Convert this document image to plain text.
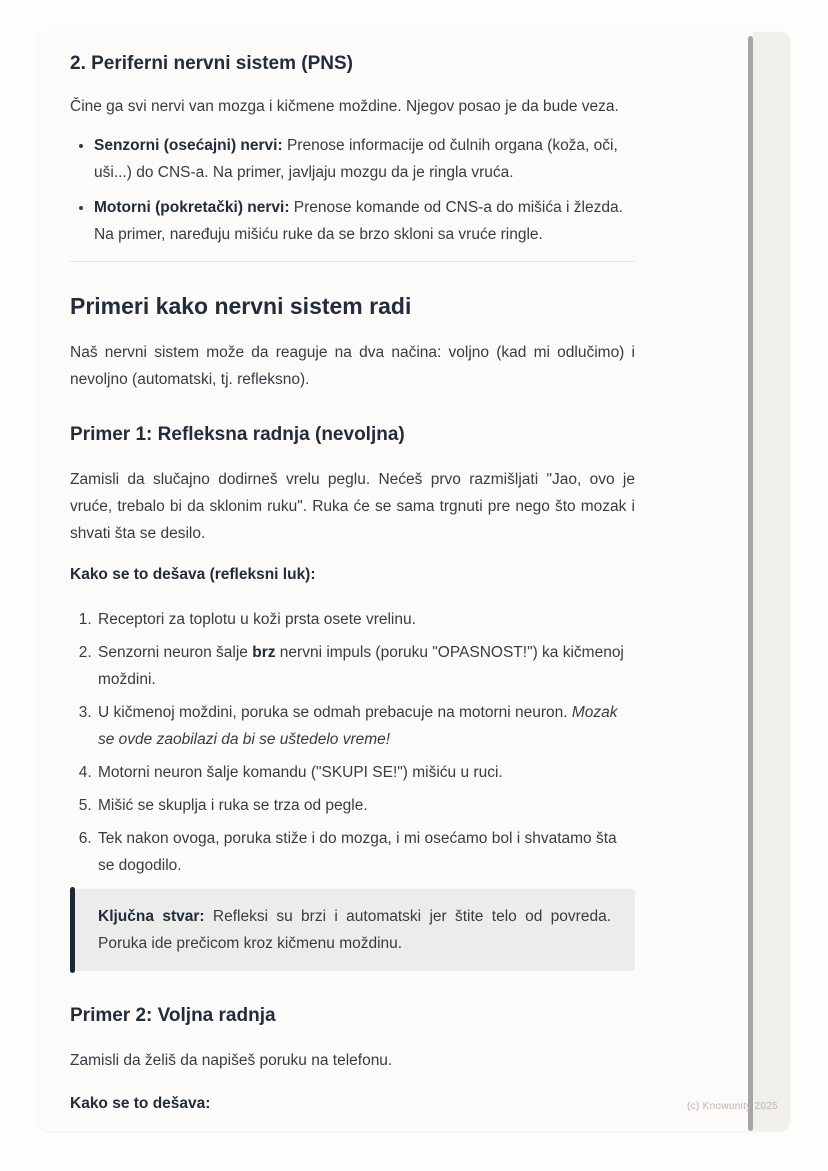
2. Periferni nervni sistem (PNS)

Čine ga svi nervi van mozga i kičmene moždine. Njegov posao je da bude veza.

• Senzorni (osećajni) nervi: Prenose informacije od čulnih organa (koža, oči, uši...) do CNS-a. Na primer, javljaju mozgu da je ringla vruća.
• Motorni (pokretački) nervi: Prenose komande od CNS-a do mišića i žlezda. Na primer, naređuju mišiću ruke da se brzo skloni sa vruće ringle.
Primeri kako nervni sistem radi

Naš nervni sistem može da reaguje na dva načina: voljno (kad mi odlučimo) i nevoljno (automatski, tj. refleksno).

Primer 1: Refleksna radnja (nevoljna)

Zamisli da slučajno dodirneš vrelu peglu. Nećeš prvo razmišljati "Jao, ovo je vruće, trebalo bi da sklonim ruku". Ruka će se sama trgnuti pre nego što mozak i shvati šta se desilo.

Kako se to dešava (refleksni luk):

1. Receptori za toplotu u koži prsta osete vrelinu.
2. Senzorni neuron šalje brz nervni impuls (poruku "OPASNOST!") ka kičmenoj moždini.
3. U kičmenoj moždini, poruka se odmah prebacuje na motorni neuron. Mozak se ovde zaobilazi da bi se uštedelo vreme!
4. Motorni neuron šalje komandu ("SKUPI SE!") mišiću u ruci.
5. Mišić se skuplja i ruka se trza od pegle.
6. Tek nakon ovoga, poruka stiže i do mozga, i mi osećamo bol i shvatamo šta se dogodilo.
Ključna stvar: Refleksi su brzi i automatski jer štite telo od povreda. Poruka ide prečicom kroz kičmenu moždinu.
Primer 2: Voljna radnja

Zamisli da želiš da napišeš poruku na telefonu.

Kako se to dešava:	(c) Knowunity 2025
